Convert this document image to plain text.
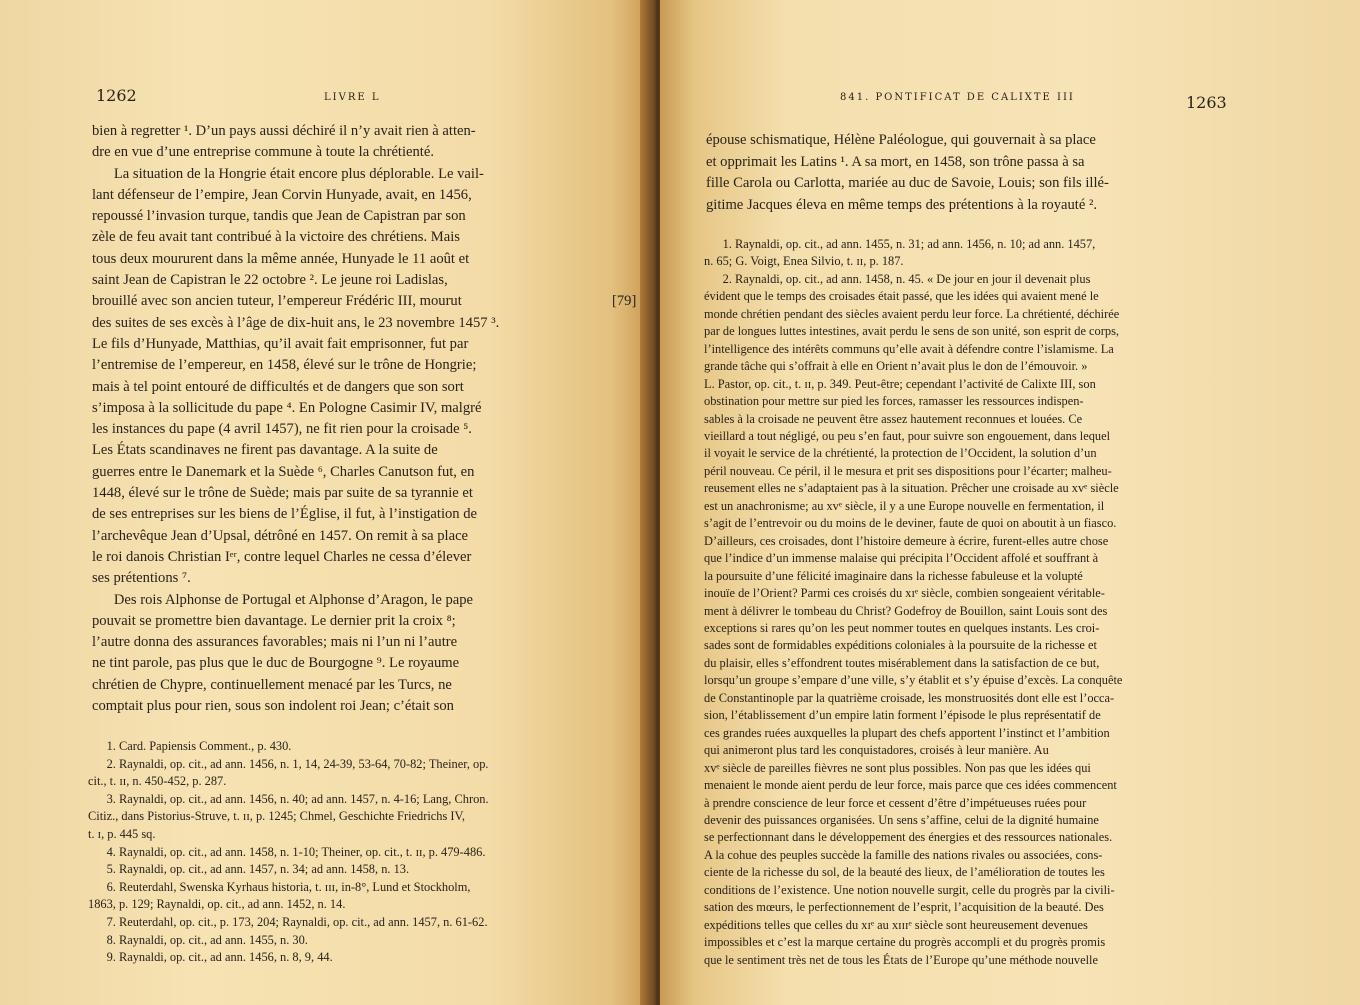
1262	LIVRE L
bien à regretter ¹. D’un pays aussi déchiré il n’y avait rien à atten-
dre en vue d’une entreprise commune à toute la chrétienté.
  La situation de la Hongrie était encore plus déplorable. Le vail-
lant défenseur de l’empire, Jean Corvin Hunyade, avait, en 1456,
repoussé l’invasion turque, tandis que Jean de Capistran par son
zèle de feu avait tant contribué à la victoire des chrétiens. Mais
tous deux moururent dans la même année, Hunyade le 11 août et
saint Jean de Capistran le 22 octobre ². Le jeune roi Ladislas,
brouillé avec son ancien tuteur, l’empereur Frédéric III, mourut
des suites de ses excès à l’âge de dix-huit ans, le 23 novembre 1457 ³.
Le fils d’Hunyade, Matthias, qu’il avait fait emprisonner, fut par
l’entremise de l’empereur, en 1458, élevé sur le trône de Hongrie;
mais à tel point entouré de difficultés et de dangers que son sort
s’imposa à la sollicitude du pape ⁴. En Pologne Casimir IV, malgré
les instances du pape (4 avril 1457), ne fit rien pour la croisade ⁵.
Les États scandinaves ne firent pas davantage. A la suite de
guerres entre le Danemark et la Suède ⁶, Charles Canutson fut, en
1448, élevé sur le trône de Suède; mais par suite de sa tyrannie et
de ses entreprises sur les biens de l’Église, il fut, à l’instigation de
l’archevêque Jean d’Upsal, détrôné en 1457. On remit à sa place
le roi danois Christian Iᵉʳ, contre lequel Charles ne cessa d’élever
ses prétentions ⁷.
  Des rois Alphonse de Portugal et Alphonse d’Aragon, le pape
pouvait se promettre bien davantage. Le dernier prit la croix ⁸;
l’autre donna des assurances favorables; mais ni l’un ni l’autre
ne tint parole, pas plus que le duc de Bourgogne ⁹. Le royaume
chrétien de Chypre, continuellement menacé par les Turcs, ne
comptait plus pour rien, sous son indolent roi Jean; c’était son
  1. Card. Papiensis Comment., p. 430.
  2. Raynaldi, op. cit., ad ann. 1456, n. 1, 14, 24-39, 53-64, 70-82; Theiner, op.
cit., t. ɪɪ, n. 450-452, p. 287.
  3. Raynaldi, op. cit., ad ann. 1456, n. 40; ad ann. 1457, n. 4-16; Lang, Chron.
Citiz., dans Pistorius-Struve, t. ɪɪ, p. 1245; Chmel, Geschichte Friedrichs IV,
t. ɪ, p. 445 sq.
  4. Raynaldi, op. cit., ad ann. 1458, n. 1-10; Theiner, op. cit., t. ɪɪ, p. 479-486.
  5. Raynaldi, op. cit., ad ann. 1457, n. 34; ad ann. 1458, n. 13.
  6. Reuterdahl, Swenska Kyrhaus historia, t. ɪɪɪ, in-8°, Lund et Stockholm,
1863, p. 129; Raynaldi, op. cit., ad ann. 1452, n. 14.
  7. Reuterdahl, op. cit., p. 173, 204; Raynaldi, op. cit., ad ann. 1457, n. 61-62.
  8. Raynaldi, op. cit., ad ann. 1455, n. 30.
  9. Raynaldi, op. cit., ad ann. 1456, n. 8, 9, 44.
[79]
841. PONTIFICAT DE CALIXTE III	1263
épouse schismatique, Hélène Paléologue, qui gouvernait à sa place
et opprimait les Latins ¹. A sa mort, en 1458, son trône passa à sa
fille Carola ou Carlotta, mariée au duc de Savoie, Louis; son fils illé-
gitime Jacques éleva en même temps des prétentions à la royauté ².
  1. Raynaldi, op. cit., ad ann. 1455, n. 31; ad ann. 1456, n. 10; ad ann. 1457,
n. 65; G. Voigt, Enea Silvio, t. ɪɪ, p. 187.
  2. Raynaldi, op. cit., ad ann. 1458, n. 45. « De jour en jour il devenait plus
évident que le temps des croisades était passé, que les idées qui avaient mené le
monde chrétien pendant des siècles avaient perdu leur force. La chrétienté, déchirée
par de longues luttes intestines, avait perdu le sens de son unité, son esprit de corps,
l’intelligence des intérêts communs qu’elle avait à défendre contre l’islamisme. La
grande tâche qui s’offrait à elle en Orient n’avait plus le don de l’émouvoir. »
L. Pastor, op. cit., t. ɪɪ, p. 349. Peut-être; cependant l’activité de Calixte III, son
obstination pour mettre sur pied les forces, ramasser les ressources indispen-
sables à la croisade ne peuvent être assez hautement reconnues et louées. Ce
vieillard a tout négligé, ou peu s’en faut, pour suivre son engouement, dans lequel
il voyait le service de la chrétienté, la protection de l’Occident, la solution d’un
péril nouveau. Ce péril, il le mesura et prit ses dispositions pour l’écarter; malheu-
reusement elles ne s’adaptaient pas à la situation. Prêcher une croisade au xvᵉ siècle
est un anachronisme; au xvᵉ siècle, il y a une Europe nouvelle en fermentation, il
s’agit de l’entrevoir ou du moins de le deviner, faute de quoi on aboutit à un fiasco.
D’ailleurs, ces croisades, dont l’histoire demeure à écrire, furent-elles autre chose
que l’indice d’un immense malaise qui précipita l’Occident affolé et souffrant à
la poursuite d’une félicité imaginaire dans la richesse fabuleuse et la volupté
inouïe de l’Orient? Parmi ces croisés du xɪᵉ siècle, combien songeaient véritable-
ment à délivrer le tombeau du Christ? Godefroy de Bouillon, saint Louis sont des
exceptions si rares qu’on les peut nommer toutes en quelques instants. Les croi-
sades sont de formidables expéditions coloniales à la poursuite de la richesse et
du plaisir, elles s’effondrent toutes misérablement dans la satisfaction de ce but,
lorsqu’un groupe s’empare d’une ville, s’y établit et s’y épuise d’excès. La conquête
de Constantinople par la quatrième croisade, les monstruosités dont elle est l’occa-
sion, l’établissement d’un empire latin forment l’épisode le plus représentatif de
ces grandes ruées auxquelles la plupart des chefs apportent l’instinct et l’ambition
qui animeront plus tard les conquistadores, croisés à leur manière. Au
xvᵉ siècle de pareilles fièvres ne sont plus possibles. Non pas que les idées qui
menaient le monde aient perdu de leur force, mais parce que ces idées commencent
à prendre conscience de leur force et cessent d’être d’impétueuses ruées pour
devenir des puissances organisées. Un sens s’affine, celui de la dignité humaine
se perfectionnant dans le développement des énergies et des ressources nationales.
A la cohue des peuples succède la famille des nations rivales ou associées, cons-
ciente de la richesse du sol, de la beauté des lieux, de l’amélioration de toutes les
conditions de l’existence. Une notion nouvelle surgit, celle du progrès par la civili-
sation des mœurs, le perfectionnement de l’esprit, l’acquisition de la beauté. Des
expéditions telles que celles du xɪᵉ au xɪɪɪᵉ siècle sont heureusement devenues
impossibles et c’est la marque certaine du progrès accompli et du progrès promis
que le sentiment très net de tous les États de l’Europe qu’une méthode nouvelle
